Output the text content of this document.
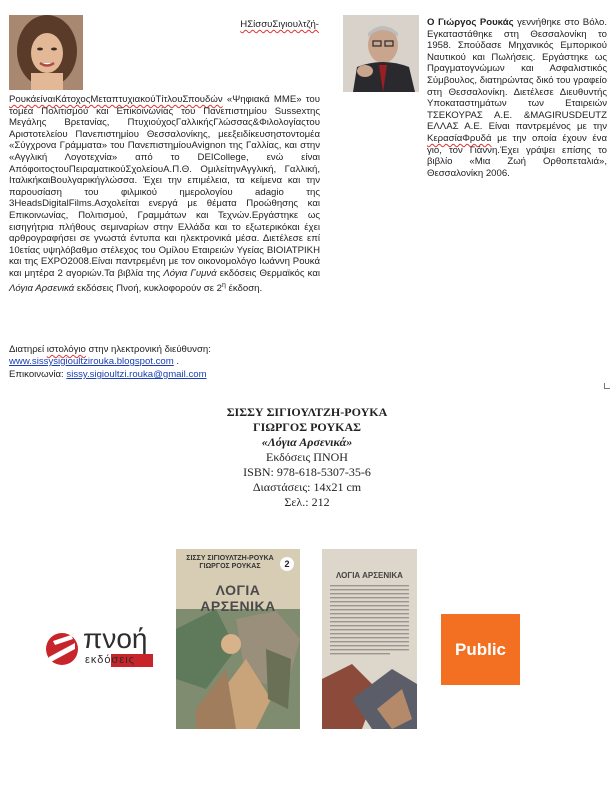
ΗΣίσσυΣιγιουλτζή-
ΡουκάείναιΚάτοχοςΜεταπτυχιακούΤίτλουΣπουδών «Ψηφιακά ΜΜΕ» του τομέα Πολιτισμού και Επικοινωνίας του Πανεπιστημίου Sussexτης Μεγάλης Βρετανίας, ΠτυχιούχοςΓαλλικήςΓλώσσας&Φιλολογίαςτου Αριστοτελείου Πανεπιστημίου Θεσσαλονίκης, μεεξειδίκευσηστοντομέα «Σύγχρονα Γράμματα» του ΠανεπιστημίουAvignon της Γαλλίας, και στην «Αγγλική Λογοτεχνία» από το DEICollege, ενώ είναι ΑπόφοιτοςτουΠειραματικούΣχολείουΑ.Π.Θ. ΟμιλείτηνΑγγλική, Γαλλική, ΙταλικήκαιΒουλγαρικήγλώσσα. Έχει την επιμέλεια, τα κείμενα και την παρουσίαση του φιλμικού ημερολογίου adagio της 3HeadsDigitalFilms.Ασχολείται ενεργά με θέματα Προώθησης και Επικοινωνίας, Πολιτισμού, Γραμμάτων και Τεχνών.Εργάστηκε ως εισηγήτρια πλήθους σεμιναρίων στην Ελλάδα και το εξωτερικόκαι έχει αρθρογραφήσει σε γνωστά έντυπα και ηλεκτρονικά μέσα. Διετέλεσε επί 10ετίας υψηλόβαθμο στέλεχος του Ομίλου Εταιρειών Υγείας ΒΙΟΙΑΤΡΙΚΗ και της EXPO2008.Είναι παντρεμένη με τον οικονομολόγο Ιωάννη Ρουκά και μητέρα 2 αγοριών.Τα βιβλία της Λόγια Γυμνά εκδόσεις Θερμαϊκός και Λόγια Αρσενικά εκδόσεις Πνοή, κυκλοφορούν σε $2^\eta$ έκδοση.
Διατηρεί ιστολόγιο στην ηλεκτρονική διεύθυνση:
www.sissysigioultzirouka.blogspot.com .
Επικοινωνία: sissy.sigioultzi.rouka@gmail.com
Ο Γιώργος Ρουκάς γεννήθηκε στο Βόλο. Εγκαταστάθηκε στη Θεσσαλονίκη το 1958. Σπούδασε Μηχανικός Εμπορικού Ναυτικού και Πωλήσεις. Εργάστηκε ως Πραγματογνώμων και Ασφαλιστικός Σύμβουλος, διατηρώντας δικό του γραφείο στη Θεσσαλονίκη. Διετέλεσε Διευθυντής Υποκαταστημάτων των Εταιρειών ΤΣΕΚΟΥΡΑΣ Α.Ε. &MAGIRUSDEUTZ ΕΛΛΑΣ Α.Ε. Είναι παντρεμένος με την ΚερασίαΦρυδά με την οποία έχουν ένα γιο, τον Γιάννη.Έχει γράψει επίσης το βιβλίο «Μια Ζωή Ορθοπεταλιά», Θεσσαλονίκη 2006.
ΣΙΣΣΥ ΣΙΓΙΟΥΛΤΖΗ-ΡΟΥΚΑ
ΓΙΩΡΓΟΣ ΡΟΥΚΑΣ
«Λόγια Αρσενικά»
Εκδόσεις ΠΝΟΗ
ISBN: 978-618-5307-35-6
Διαστάσεις: 14x21 cm
Σελ.: 212
πνοή
εκδόσεις
ΣΙΣΣΥ ΣΙΓΙΟΥΛΤΖΗ-ΡΟΥΚΑ
ΓΙΩΡΓΟΣ ΡΟΥΚΑΣ	2
ΛΟΓΙΑ ΑΡΣΕΝΙΚΑ
ΛΟΓΙΑ ΑΡΣΕΝΙΚΑ
Public
